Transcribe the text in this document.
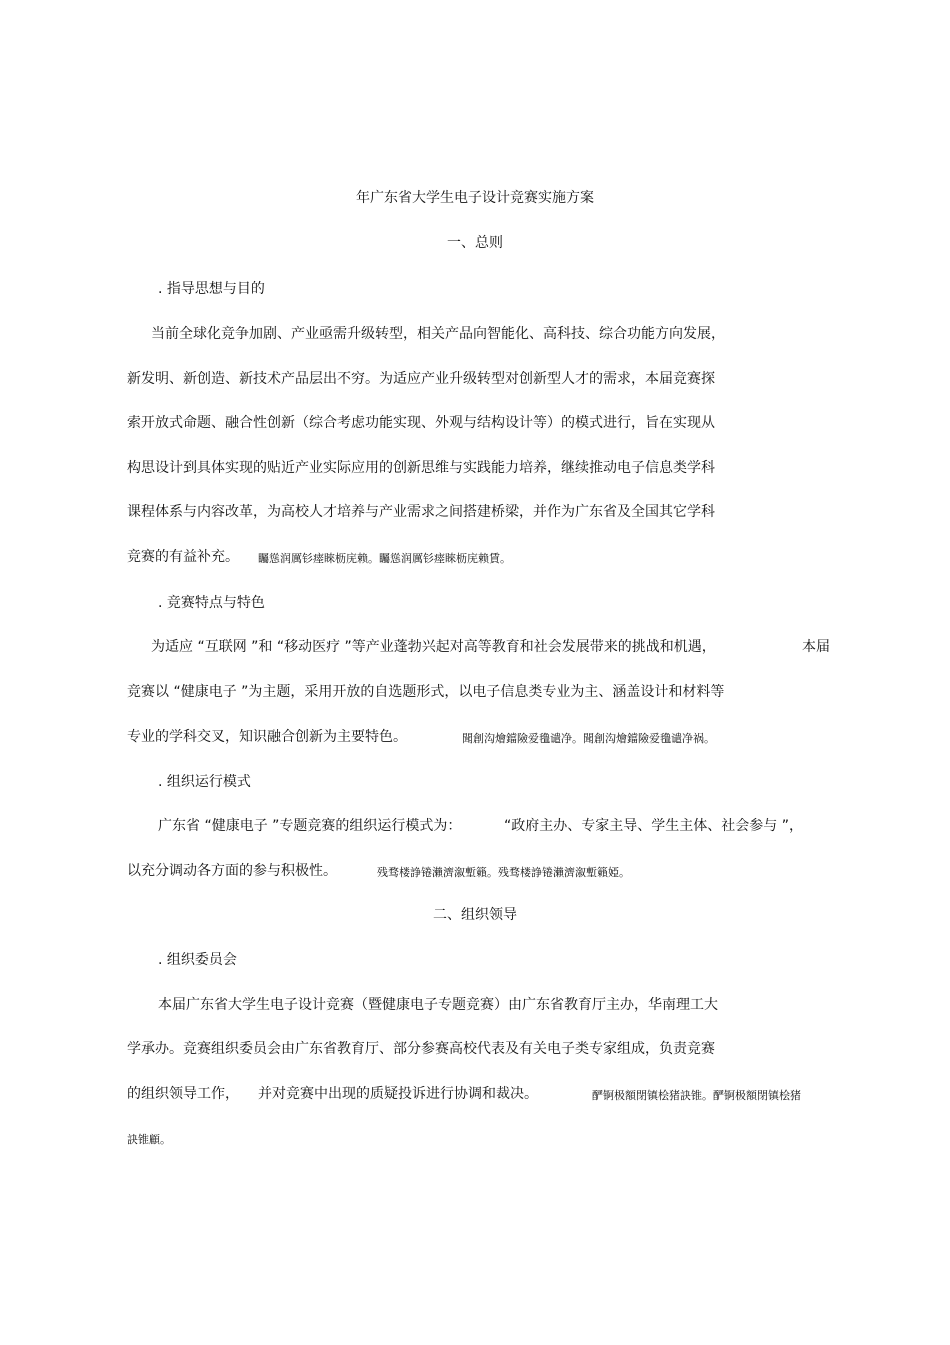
年广东省大学生电子设计竞赛实施方案
一、总则
. 指导思想与目的
当前全球化竞争加剧、产业亟需升级转型，相关产品向智能化、高科技、综合功能方向发展，
新发明、新创造、新技术产品层出不穷。为适应产业升级转型对创新型人才的需求，本届竞赛探
索开放式命题、融合性创新（综合考虑功能实现、外观与结构设计等）的模式进行，旨在实现从
构思设计到具体实现的贴近产业实际应用的创新思维与实践能力培养，继续推动电子信息类学科
课程体系与内容改革，为高校人才培养与产业需求之间搭建桥梁，并作为广东省及全国其它学科
竞赛的有益补充。 矚慫润厲钐瘗睞枥庑赖。矚慫润厲钐瘗睞枥庑赖賃。
. 竞赛特点与特色
为适应 “互联网 ”和 “移动医疗 ”等产业蓬勃兴起对高等教育和社会发展带来的挑战和机遇，	本届
竞赛以 “健康电子 ”为主题，采用开放的自选题形式，以电子信息类专业为主、涵盖设计和材料等
专业的学科交叉，知识融合创新为主要特色。	聞創沟燴鐺險爱氇谴净。聞創沟燴鐺險爱氇谴净祸。
. 组织运行模式
广东省 “健康电子 ”专题竞赛的组织运行模式为：	“政府主办、专家主导、学生主体、社会参与 ”，
以充分调动各方面的参与积极性。	残骛楼諍锩瀨濟溆塹籟。残骛楼諍锩瀨濟溆塹籟婭。
二、组织领导
. 组织委员会
本届广东省大学生电子设计竞赛（暨健康电子专题竞赛）由广东省教育厅主办，华南理工大
学承办。竞赛组织委员会由广东省教育厅、部分参赛高校代表及有关电子类专家组成，负责竞赛
的组织领导工作， 并对竞赛中出现的质疑投诉进行协调和裁决。	酽锕极額閉镇桧猪訣锥。酽锕极額閉镇桧猪
訣锥顧。
